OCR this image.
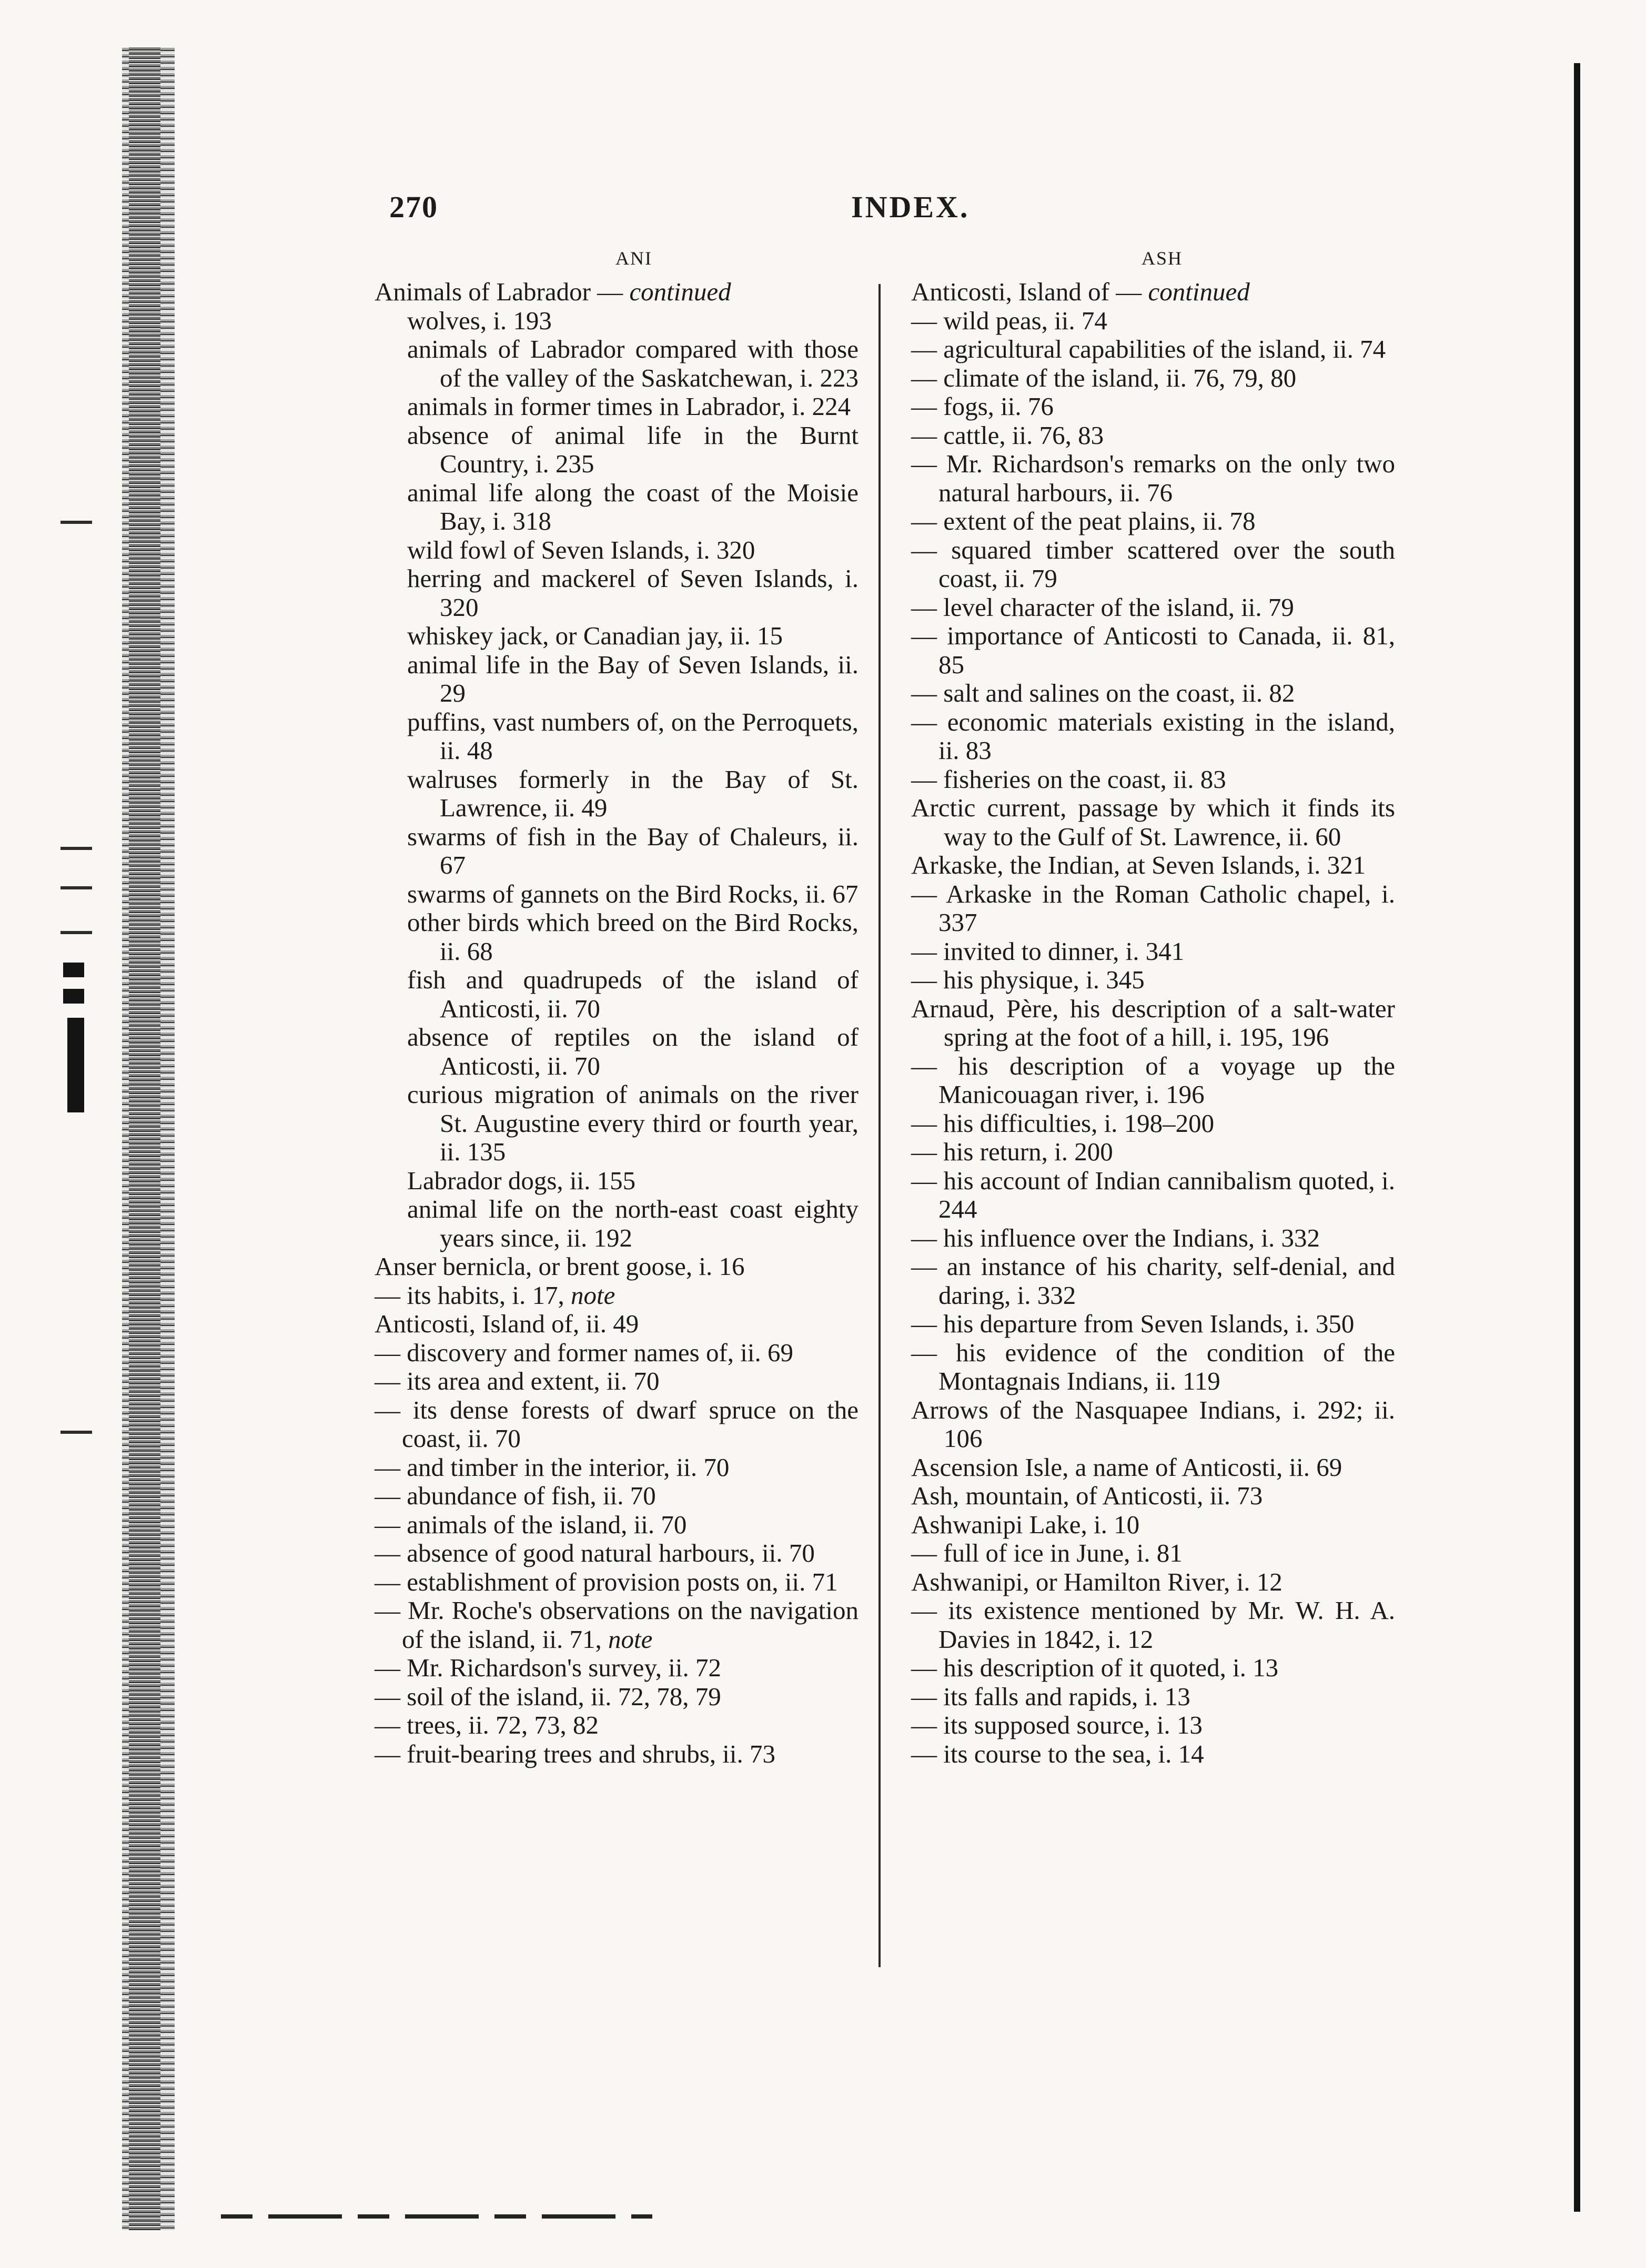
270	INDEX.
ANI	ASH
Animals of Labrador — continued
wolves, i. 193
animals of Labrador compared with those of the valley of the Saskatchewan, i. 223
animals in former times in Labrador, i. 224
absence of animal life in the Burnt Country, i. 235
animal life along the coast of the Moisie Bay, i. 318
wild fowl of Seven Islands, i. 320
herring and mackerel of Seven Islands, i. 320
whiskey jack, or Canadian jay, ii. 15
animal life in the Bay of Seven Islands, ii. 29
puffins, vast numbers of, on the Perroquets, ii. 48
walruses formerly in the Bay of St. Lawrence, ii. 49
swarms of fish in the Bay of Chaleurs, ii. 67
swarms of gannets on the Bird Rocks, ii. 67
other birds which breed on the Bird Rocks, ii. 68
fish and quadrupeds of the island of Anticosti, ii. 70
absence of reptiles on the island of Anticosti, ii. 70
curious migration of animals on the river St. Augustine every third or fourth year, ii. 135
Labrador dogs, ii. 155
animal life on the north-east coast eighty years since, ii. 192
Anser bernicla, or brent goose, i. 16
— its habits, i. 17, note
Anticosti, Island of, ii. 49
— discovery and former names of, ii. 69
— its area and extent, ii. 70
— its dense forests of dwarf spruce on the coast, ii. 70
— and timber in the interior, ii. 70
— abundance of fish, ii. 70
— animals of the island, ii. 70
— absence of good natural harbours, ii. 70
— establishment of provision posts on, ii. 71
— Mr. Roche's observations on the navigation of the island, ii. 71, note
— Mr. Richardson's survey, ii. 72
— soil of the island, ii. 72, 78, 79
— trees, ii. 72, 73, 82
— fruit-bearing trees and shrubs, ii. 73
Anticosti, Island of — continued
— wild peas, ii. 74
— agricultural capabilities of the island, ii. 74
— climate of the island, ii. 76, 79, 80
— fogs, ii. 76
— cattle, ii. 76, 83
— Mr. Richardson's remarks on the only two natural harbours, ii. 76
— extent of the peat plains, ii. 78
— squared timber scattered over the south coast, ii. 79
— level character of the island, ii. 79
— importance of Anticosti to Canada, ii. 81, 85
— salt and salines on the coast, ii. 82
— economic materials existing in the island, ii. 83
— fisheries on the coast, ii. 83
Arctic current, passage by which it finds its way to the Gulf of St. Lawrence, ii. 60
Arkaske, the Indian, at Seven Islands, i. 321
— Arkaske in the Roman Catholic chapel, i. 337
— invited to dinner, i. 341
— his physique, i. 345
Arnaud, Père, his description of a salt-water spring at the foot of a hill, i. 195, 196
— his description of a voyage up the Manicouagan river, i. 196
— his difficulties, i. 198–200
— his return, i. 200
— his account of Indian cannibalism quoted, i. 244
— his influence over the Indians, i. 332
— an instance of his charity, self-denial, and daring, i. 332
— his departure from Seven Islands, i. 350
— his evidence of the condition of the Montagnais Indians, ii. 119
Arrows of the Nasquapee Indians, i. 292; ii. 106
Ascension Isle, a name of Anticosti, ii. 69
Ash, mountain, of Anticosti, ii. 73
Ashwanipi Lake, i. 10
— full of ice in June, i. 81
Ashwanipi, or Hamilton River, i. 12
— its existence mentioned by Mr. W. H. A. Davies in 1842, i. 12
— his description of it quoted, i. 13
— its falls and rapids, i. 13
— its supposed source, i. 13
— its course to the sea, i. 14
